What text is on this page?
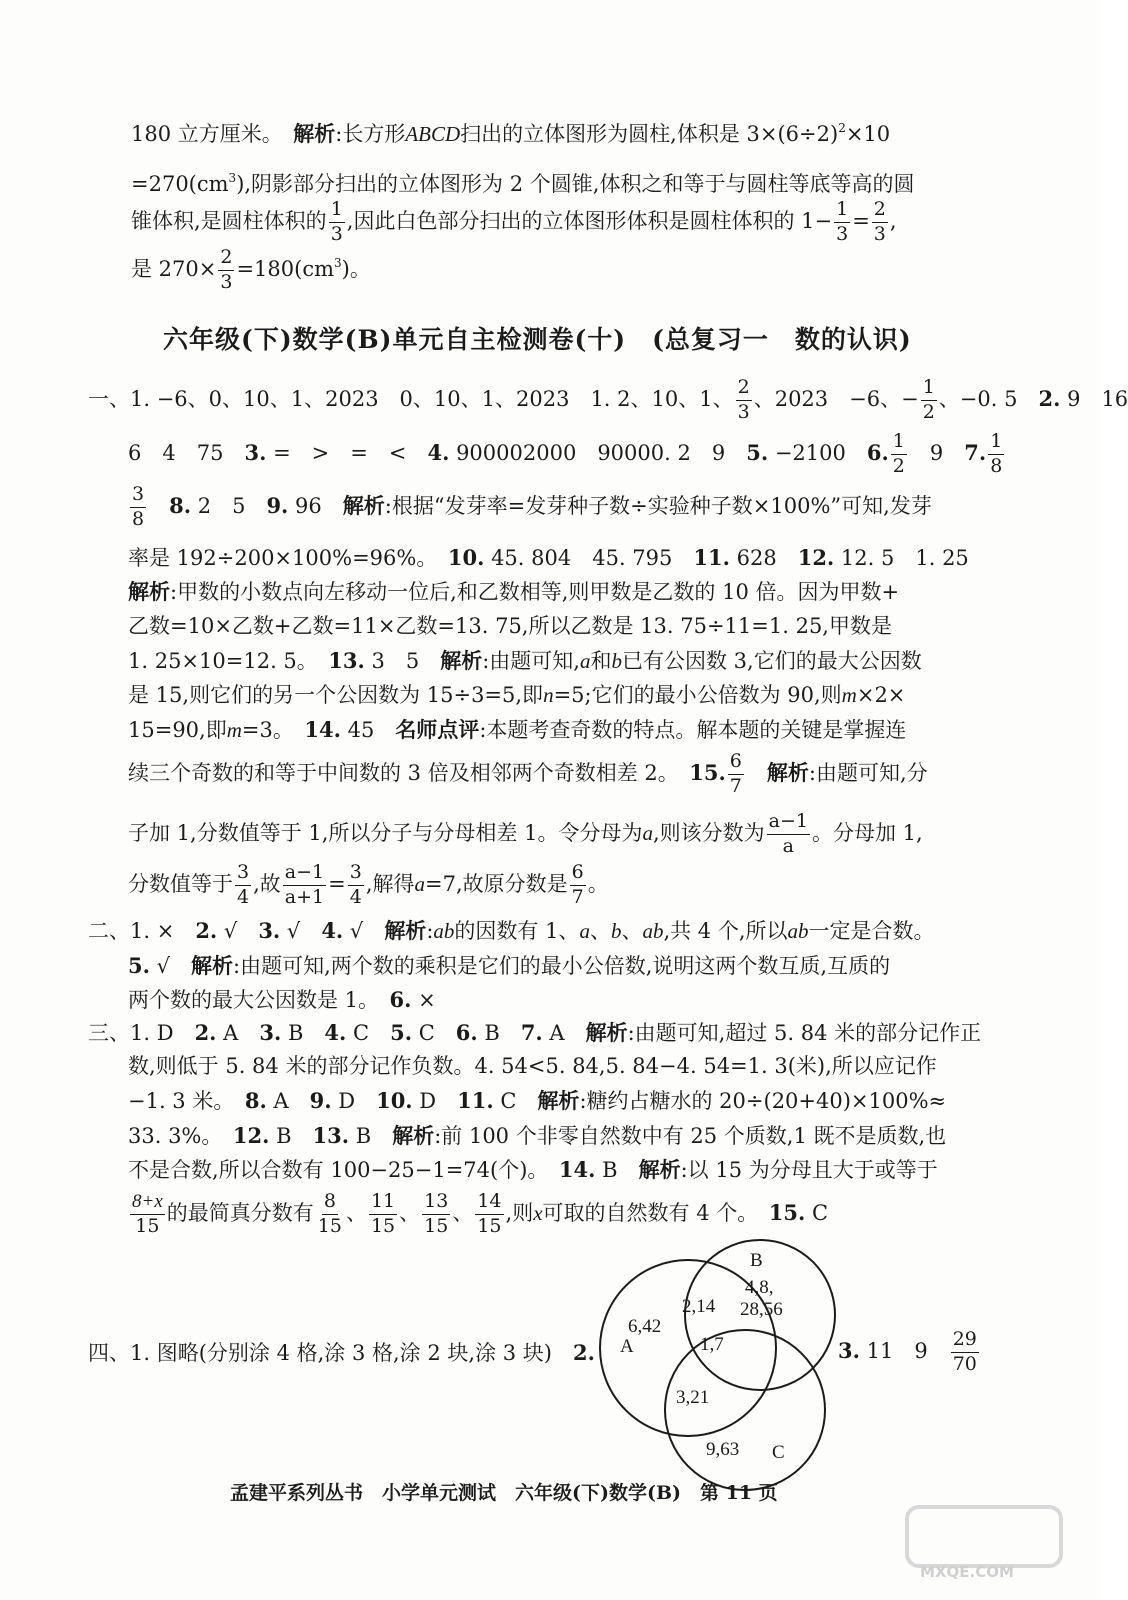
180 立方厘米。　 解析:长方形ABCD扫出的立体图形为圆柱,体积是 $3\times(6\div 2)^2\times 10$
$=270(cm^3)$,阴影部分扫出的立体图形为 2 个圆锥,体积之和等于与圆柱等底等高的圆
锥体积,是圆柱体积的 $\frac{1}{3}$ ,因此白色部分扫出的立体图形体积是圆柱体积的 $1- \frac{1}{3} = \frac{2}{3}$ ,
是 $270\times \frac{2}{3} =180(cm^3)$。
六年级(下)数学(B)单元自主检测卷(十)　(总复习一　数的认识)
一、1. −6、0、10、1、2023　0、10、1、2023　1. 2、10、1、 $\frac{2}{3}$ 、2023　−6、− $\frac{1}{2}$ 、−0. 5　2. 9　16
6　4　75　3. =　>　=　<　4. 900002000　90000. 2　9　5. −2100　6. $\frac{1}{2}$ 　9　7. $\frac{1}{8}$
$\frac{3}{8}$
　 8. 2　5　9. 96　解析:根据“发芽率=发芽种子数÷实验种子数×100%”可知,发芽
率是 192÷200×100%=96%。　10. 45. 804　45. 795　11. 628　12. 12. 5　1. 25
解析:甲数的小数点向左移动一位后,和乙数相等,则甲数是乙数的 10 倍。因为甲数+
乙数=10×乙数+乙数=11×乙数=13. 75,所以乙数是 13. 75÷11=1. 25,甲数是
1. 25×10=12. 5。　13. 3　5　解析:由题可知,a和b已有公因数 3,它们的最大公因数
是 15,则它们的另一个公因数为 15÷3=5,即n=5;它们的最小公倍数为 90,则m×2×
15=90,即m=3。　14. 45　名师点评:本题考查奇数的特点。解本题的关键是掌握连
续三个奇数的和等于中间数的 3 倍及相邻两个奇数相差 2。　15. $\frac{6}{7}$
　 解析:由题可知,分
子加 1,分数值等于 1,所以分子与分母相差 1。令分母为a,则该分数为 $\frac{a-1}{a}$ 。分母加 1,
分数值等于 $\frac{3}{4}$ ,故 $\frac{a-1}{a+1} = \frac{3}{4}$ ,解得a=7,故原分数是 $\frac{6}{7}$ 。
二、1. ×　2. √　3. √　4. √　解析:ab的因数有 1、a、b、ab,共 4 个,所以ab一定是合数。
5. √　解析:由题可知,两个数的乘积是它们的最小公倍数,说明这两个数互质,互质的
两个数的最大公因数是 1。　6. ×
三、1. D　2. A　3. B　4. C　5. C　6. B　7. A　解析:由题可知,超过 5. 84 米的部分记作正
数,则低于 5. 84 米的部分记作负数。4. 54<5. 84,5. 84−4. 54=1. 3(米),所以应记作
−1. 3 米。　8. A　9. D　10. D　11. C　解析:糖约占糖水的 20÷(20+40)×100%≈
33. 3%。　12. B　13. B　解析:前 100 个非零自然数中有 25 个质数,1 既不是质数,也
不是合数,所以合数有 100−25−1=74(个)。　14. B　解析:以 15 为分母且大于或等于
$\frac{8+x}{15}$ 的最简真分数有 $\frac{8}{15}$ 、 $\frac{11}{15}$ 、 $\frac{13}{15}$ 、 $\frac{14}{15}$ ,则x可取的自然数有 4 个。　15. C
四、1. 图略(分别涂 4 格,涂 3 格,涂 2 块,涂 3 块)　2.	3. 11　9　 $\frac{29}{70}$
A
B
C
6,42
4,8,
28,56
2,14
1,7
3,21
9,63
孟建平系列丛书　小学单元测试　六年级(下)数学(B)　第 11 页
MXQE.COM
